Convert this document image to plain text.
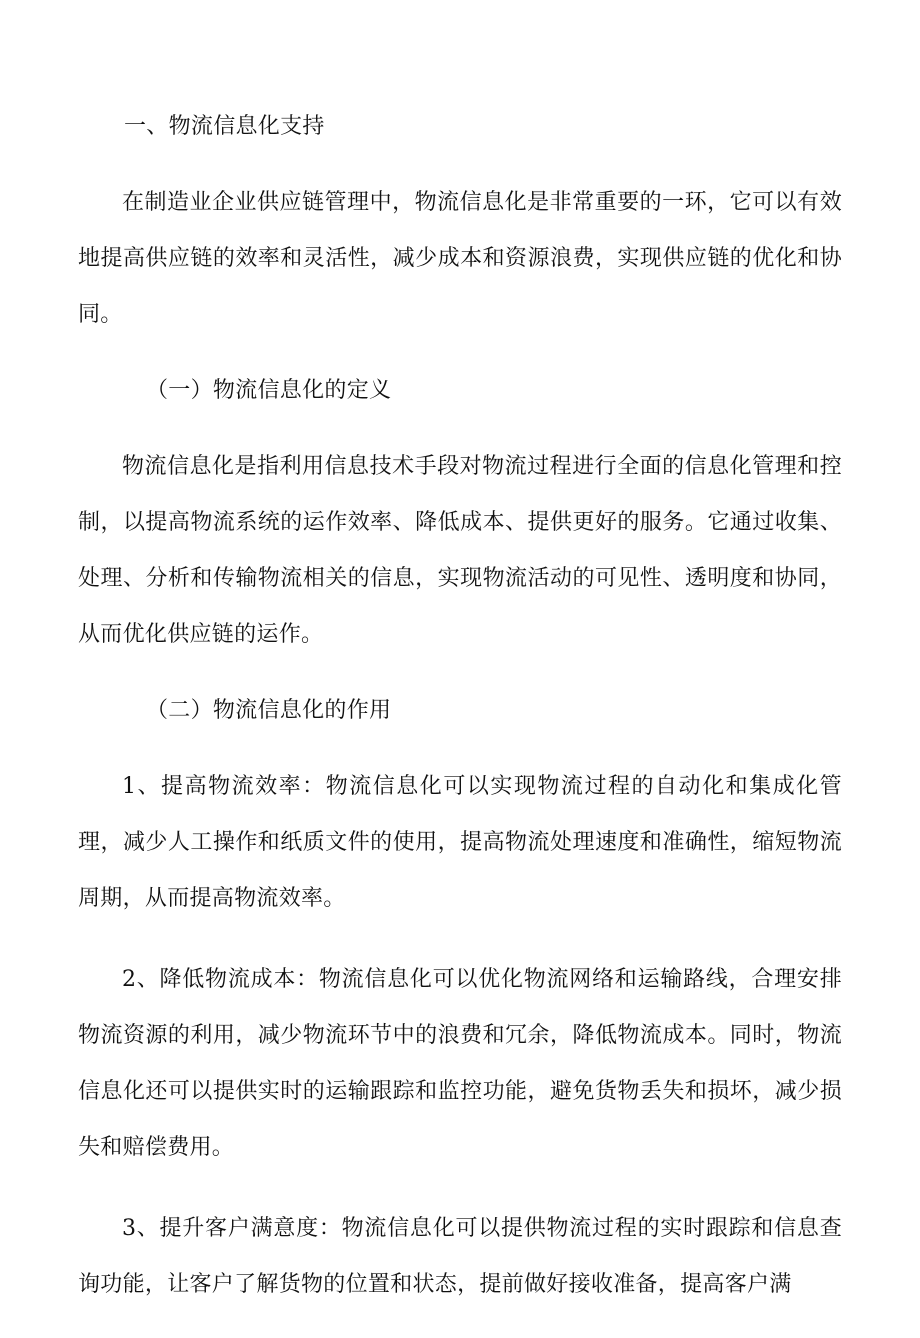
一、物流信息化支持

在制造业企业供应链管理中，物流信息化是非常重要的一环，它可以有效地提高供应链的效率和灵活性，减少成本和资源浪费，实现供应链的优化和协同。

（一）物流信息化的定义

物流信息化是指利用信息技术手段对物流过程进行全面的信息化管理和控制，以提高物流系统的运作效率、降低成本、提供更好的服务。它通过收集、处理、分析和传输物流相关的信息，实现物流活动的可见性、透明度和协同，从而优化供应链的运作。

（二）物流信息化的作用

1、提高物流效率：物流信息化可以实现物流过程的自动化和集成化管理，减少人工操作和纸质文件的使用，提高物流处理速度和准确性，缩短物流周期，从而提高物流效率。

2、降低物流成本：物流信息化可以优化物流网络和运输路线，合理安排物流资源的利用，减少物流环节中的浪费和冗余，降低物流成本。同时，物流信息化还可以提供实时的运输跟踪和监控功能，避免货物丢失和损坏，减少损失和赔偿费用。

3、提升客户满意度：物流信息化可以提供物流过程的实时跟踪和信息查询功能，让客户了解货物的位置和状态，提前做好接收准备，提高客户满
